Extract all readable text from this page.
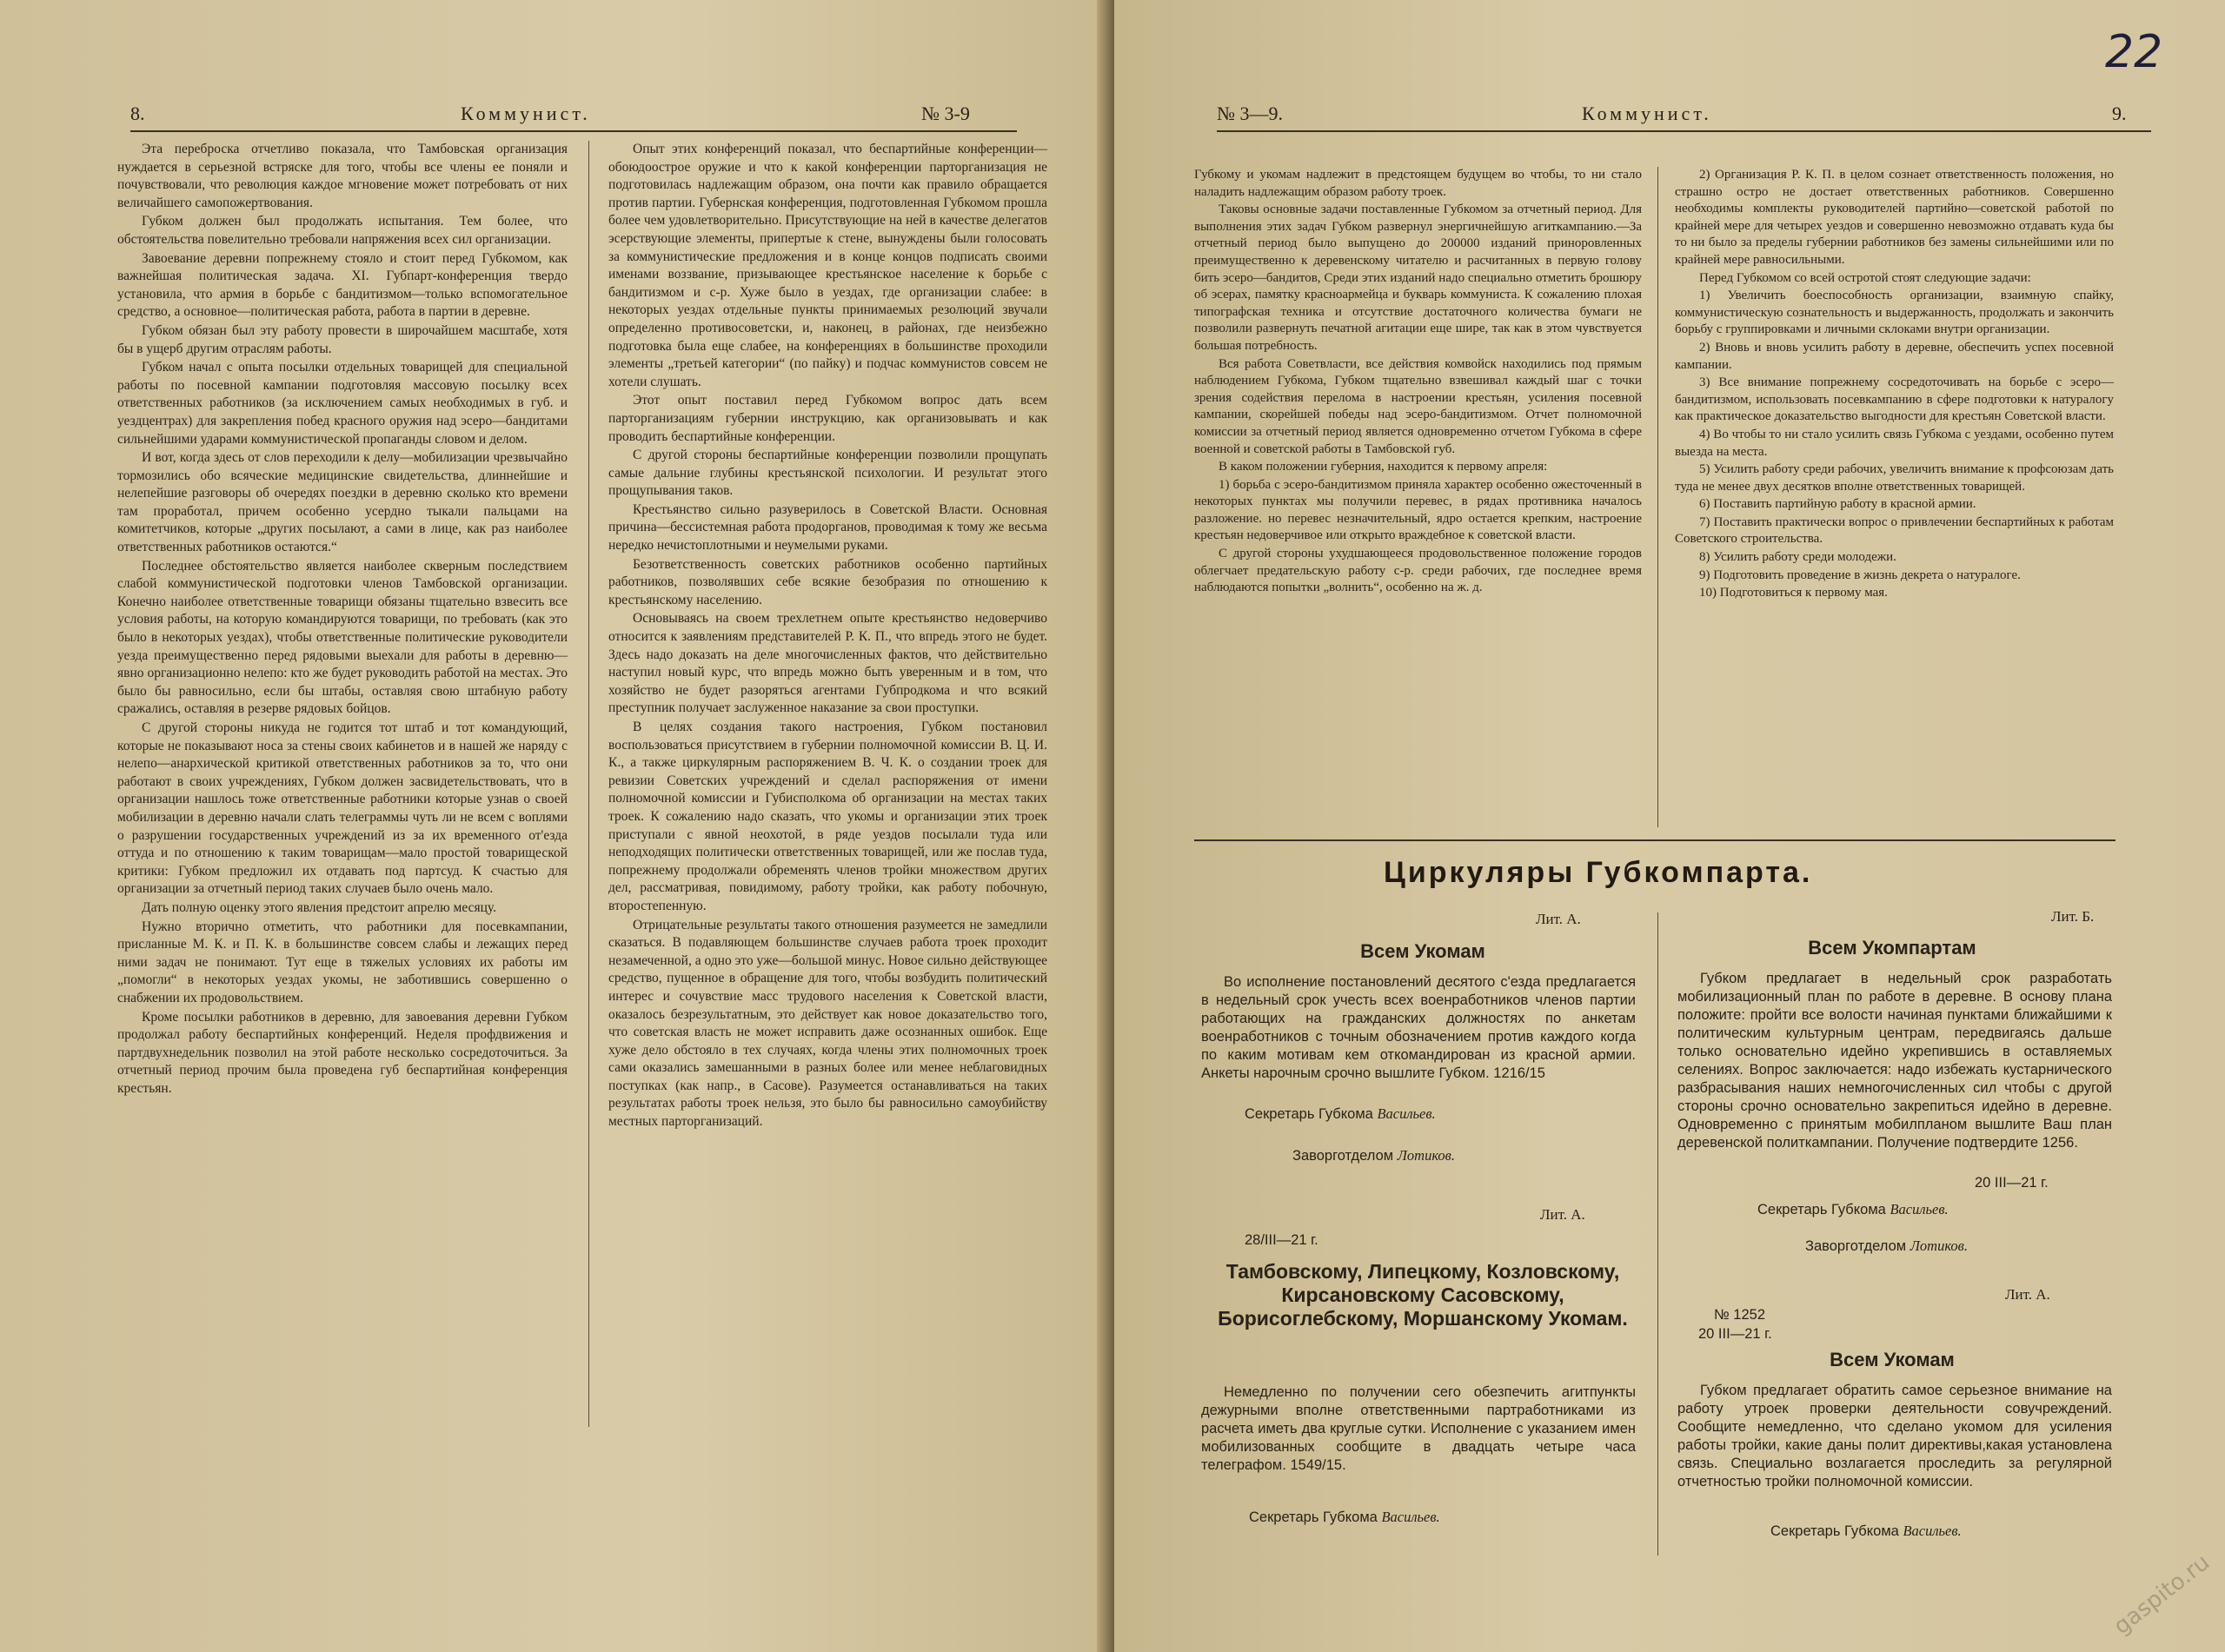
8.	Коммунист.	№ 3-9

Эта переброска отчетливо показала, что Тамбовская организация нуждается в серьезной встряске для того, чтобы все члены ее поняли и почувствовали, что революция каждое мгновение может потребовать от них величайшего самопожертвования.

Губком должен был продолжать испытания. Тем более, что обстоятельства повелительно требовали напряжения всех сил организации.

Завоевание деревни попрежнему стояло и стоит перед Губкомом, как важнейшая политическая задача. XI. Губпарт-конференция твердо установила, что армия в борьбе с бандитизмом—только вспомогательное средство, а основное—политическая работа, работа в партии в деревне.

Губком обязан был эту работу провести в широчайшем масштабе, хотя бы в ущерб другим отраслям работы.

Губком начал с опыта посылки отдельных товарищей для специальной работы по посевной кампании подготовляя массовую посылку всех ответственных работников (за исключением самых необходимых в губ. и уездцентрах) для закрепления побед красного оружия над эсеро—бандитами сильнейшими ударами коммунистической пропаганды словом и делом.

И вот, когда здесь от слов переходили к делу—мобилизации чрезвычайно тормозились обо всяческие медицинские свидетельства, длиннейшие и нелепейшие разговоры об очередях поездки в деревню сколько кто времени там проработал, причем особенно усердно тыкали пальцами на комитетчиков, которые „других посылают, а сами в лице, как раз наиболее ответственных работников остаются.“

Последнее обстоятельство является наиболее скверным последствием слабой коммунистической подготовки членов Тамбовской организации. Конечно наиболее ответственные товарищи обязаны тщательно взвесить все условия работы, на которую командируются товарищи, по требовать (как это было в некоторых уездах), чтобы ответственные политические руководители уезда преимущественно перед рядовыми выехали для работы в деревню—явно организационно нелепо: кто же будет руководить работой на местах. Это было бы равносильно, если бы штабы, оставляя свою штабную работу сражались, оставляя в резерве рядовых бойцов.

С другой стороны никуда не годится тот штаб и тот командующий, которые не показывают носа за стены своих кабинетов и в нашей же наряду с нелепо—анархической критикой ответственных работников за то, что они работают в своих учреждениях, Губком должен засвидетельствовать, что в организации нашлось тоже ответственные работники которые узнав о своей мобилизации в деревню начали слать телеграммы чуть ли не всем с воплями о разрушении государственных учреждений из за их временного от'езда оттуда и по отношению к таким товарищам—мало простой товарищеской критики: Губком предложил их отдавать под партсуд. К счастью для организации за отчетный период таких случаев было очень мало.

Дать полную оценку этого явления предстоит апрелю месяцу.

Нужно вторично отметить, что работники для посевкампании, присланные М. К. и П. К. в большинстве совсем слабы и лежащих перед ними задач не понимают. Тут еще в тяжелых условиях их работы им „помогли“ в некоторых уездах укомы, не заботившись совершенно о снабжении их продовольствием.

Кроме посылки работников в деревню, для завоевания деревни Губком продолжал работу беспартийных конференций. Неделя профдвижения и партдвухнедельник позволил на этой работе несколько сосредоточиться. За отчетный период прочим была проведена губ беспартийная конференция крестьян.

Опыт этих конференций показал, что беспартийные конференции—обоюдоострое оружие и что к какой конференции парторганизация не подготовилась надлежащим образом, она почти как правило обращается против партии. Губернская конференция, подготовленная Губкомом прошла более чем удовлетворительно. Присутствующие на ней в качестве делегатов эсерствующие элементы, припертые к стене, вынуждены были голосовать за коммунистические предложения и в конце концов подписать своими именами воззвание, призывающее крестьянское население к борьбе с бандитизмом и с-р. Хуже было в уездах, где организации слабее: в некоторых уездах отдельные пункты принимаемых резолюций звучали определенно противосоветски, и, наконец, в районах, где неизбежно подготовка была еще слабее, на конференциях в большинстве проходили элементы „третьей категории“ (по пайку) и подчас коммунистов совсем не хотели слушать.

Этот опыт поставил перед Губкомом вопрос дать всем парторганизациям губернии инструкцию, как организовывать и как проводить беспартийные конференции.

С другой стороны беспартийные конференции позволили прощупать самые дальние глубины крестьянской психологии. И результат этого прощупывания таков.

Крестьянство сильно разуверилось в Советской Власти. Основная причина—бессистемная работа продорганов, проводимая к тому же весьма нередко нечистоплотными и неумелыми руками.

Безответственность советских работников особенно партийных работников, позволявших себе всякие безобразия по отношению к крестьянскому населению.

Основываясь на своем трехлетнем опыте крестьянство недоверчиво относится к заявлениям представителей Р. К. П., что впредь этого не будет. Здесь надо доказать на деле многочисленных фактов, что действительно наступил новый курс, что впредь можно быть уверенным и в том, что хозяйство не будет разоряться агентами Губпродкома и что всякий преступник получает заслуженное наказание за свои проступки.

В целях создания такого настроения, Губком постановил воспользоваться присутствием в губернии полномочной комиссии В. Ц. И. К., а также циркулярным распоряжением В. Ч. К. о создании троек для ревизии Советских учреждений и сделал распоряжения от имени полномочной комиссии и Губисполкома об организации на местах таких троек. К сожалению надо сказать, что укомы и организации этих троек приступали с явной неохотой, в ряде уездов посылали туда или неподходящих политически ответственных товарищей, или же послав туда, попрежнему продолжали обременять членов тройки множеством других дел, рассматривая, повидимому, работу тройки, как работу побочную, второстепенную.

Отрицательные результаты такого отношения разумеется не замедлили сказаться. В подавляющем большинстве случаев работа троек проходит незамеченной, а одно это уже—большой минус. Новое сильно действующее средство, пущенное в обращение для того, чтобы возбудить политический интерес и сочувствие масс трудового населения к Советской власти, оказалось безрезультатным, это действует как новое доказательство того, что советская власть не может исправить даже осознанных ошибок. Еще хуже дело обстояло в тех случаях, когда члены этих полномочных троек сами оказались замешанными в разных более или менее неблаговидных поступках (как напр., в Сасове). Разумеется останавливаться на таких результатах работы троек нельзя, это было бы равносильно самоубийству местных парторганизаций.

22
№ 3—9.	Коммунист.	9.

Губкому и укомам надлежит в предстоящем будущем во чтобы, то ни стало наладить надлежащим образом работу троек.

Таковы основные задачи поставленные Губкомом за отчетный период. Для выполнения этих задач Губком развернул энергичнейшую агиткампанию.—За отчетный период было выпущено до 200000 изданий приноровленных преимущественно к деревенскому читателю и расчитанных в первую голову бить эсеро—бандитов, Среди этих изданий надо специально отметить брошюру об эсерах, памятку красноармейца и букварь коммуниста. К сожалению плохая типографская техника и отсутствие достаточного количества бумаги не позволили развернуть печатной агитации еще шире, так как в этом чувствуется большая потребность.

Вся работа Советвласти, все действия комвойск находились под прямым наблюдением Губкома, Губком тщательно взвешивал каждый шаг с точки зрения содействия перелома в настроении крестьян, усиления посевной кампании, скорейшей победы над эсеро-бандитизмом. Отчет полномочной комиссии за отчетный период является одновременно отчетом Губкома в сфере военной и советской работы в Тамбовской губ.

В каком положении губерния, находится к первому апреля:

1) борьба с эсеро-бандитизмом приняла характер особенно ожесточенный в некоторых пунктах мы получили перевес, в рядах противника началось разложение. но перевес незначительный, ядро остается крепким, настроение крестьян недоверчивое или открыто враждебное к советской власти.

С другой стороны ухудшающееся продовольственное положение городов облегчает предательскую работу с-р. среди рабочих, где последнее время наблюдаются попытки „волнить“, особенно на ж. д.

2) Организация Р. К. П. в целом сознает ответственность положения, но страшно остро не достает ответственных работников. Совершенно необходимы комплекты руководителей партийно—советской работой по крайней мере для четырех уездов и совершенно невозможно отдавать куда бы то ни было за пределы губернии работников без замены сильнейшими или по крайней мере равносильными.

Перед Губкомом со всей остротой стоят следующие задачи:

1) Увеличить боеспособность организации, взаимную спайку, коммунистическую сознательность и выдержанность, продолжать и закончить борьбу с группировками и личными склоками внутри организации.

2) Вновь и вновь усилить работу в деревне, обеспечить успех посевной кампании.

3) Все внимание попрежнему сосредоточивать на борьбе с эсеро—бандитизмом, использовать посевкампанию в сфере подготовки к натуралогу как практическое доказательство выгодности для крестьян Советской власти.

4) Во чтобы то ни стало усилить связь Губкома с уездами, особенно путем выезда на места.

5) Усилить работу среди рабочих, увеличить внимание к профсоюзам дать туда не менее двух десятков вполне ответственных товарищей.

6) Поставить партийную работу в красной армии.

7) Поставить практически вопрос о привлечении беспартийных к работам Советского строительства.

8) Усилить работу среди молодежи.

9) Подготовить проведение в жизнь декрета о натуралоге.

10) Подготовиться к первому мая.

Циркуляры Губкомпарта.
Лит. А.
Всем Укомам

Во исполнение постановлений десятого с'езда предлагается в недельный срок учесть всех военработников членов партии работающих на гражданских должностях по анкетам военработников с точным обозначением против каждого когда по каким мотивам кем откомандирован из красной армии. Анкеты нарочным срочно вышлите Губком. 1216/15

Секретарь Губкома Васильев.
Заворготделом Лотиков.
Лит. А.
28/III—21 г.
Тамбовскому, Липецкому, Козловскому, Кирсановскому Сасовскому, Борисоглебскому, Моршанскому Укомам.

Немедленно по получении сего обезпечить агитпункты дежурными вполне ответственными партработниками из расчета иметь два круглые сутки. Исполнение с указанием имен мобилизованных сообщите в двадцать четыре часа телеграфом. 1549/15.

Секретарь Губкома Васильев.
Лит. Б.
Всем Укомпартам

Губком предлагает в недельный срок разработать мобилизационный план по работе в деревне. В основу плана положите: пройти все волости начиная пунктами ближайшими к политическим культурным центрам, передвигаясь дальше только основательно идейно укрепившись в оставляемых селениях. Вопрос заключается: надо избежать кустарнического разбрасывания наших немногочисленных сил чтобы с другой стороны срочно основательно закрепиться идейно в деревне. Одновременно с принятым мобилпланом вышлите Ваш план деревенской политкампании. Получение подтвердите 1256.

20 III—21 г.
Секретарь Губкома Васильев.
Заворготделом Лотиков.
Лит. А.
№ 1252
20 III—21 г.
Всем Укомам

Губком предлагает обратить самое серьезное внимание на работу утроек проверки деятельности совучреждений. Сообщите немедленно, что сделано укомом для усиления работы тройки, какие даны полит директивы,какая установлена связь. Специально возлагается проследить за регулярной отчетностью тройки полномочной комиссии.

Секретарь Губкома Васильев.
gaspito.ru
